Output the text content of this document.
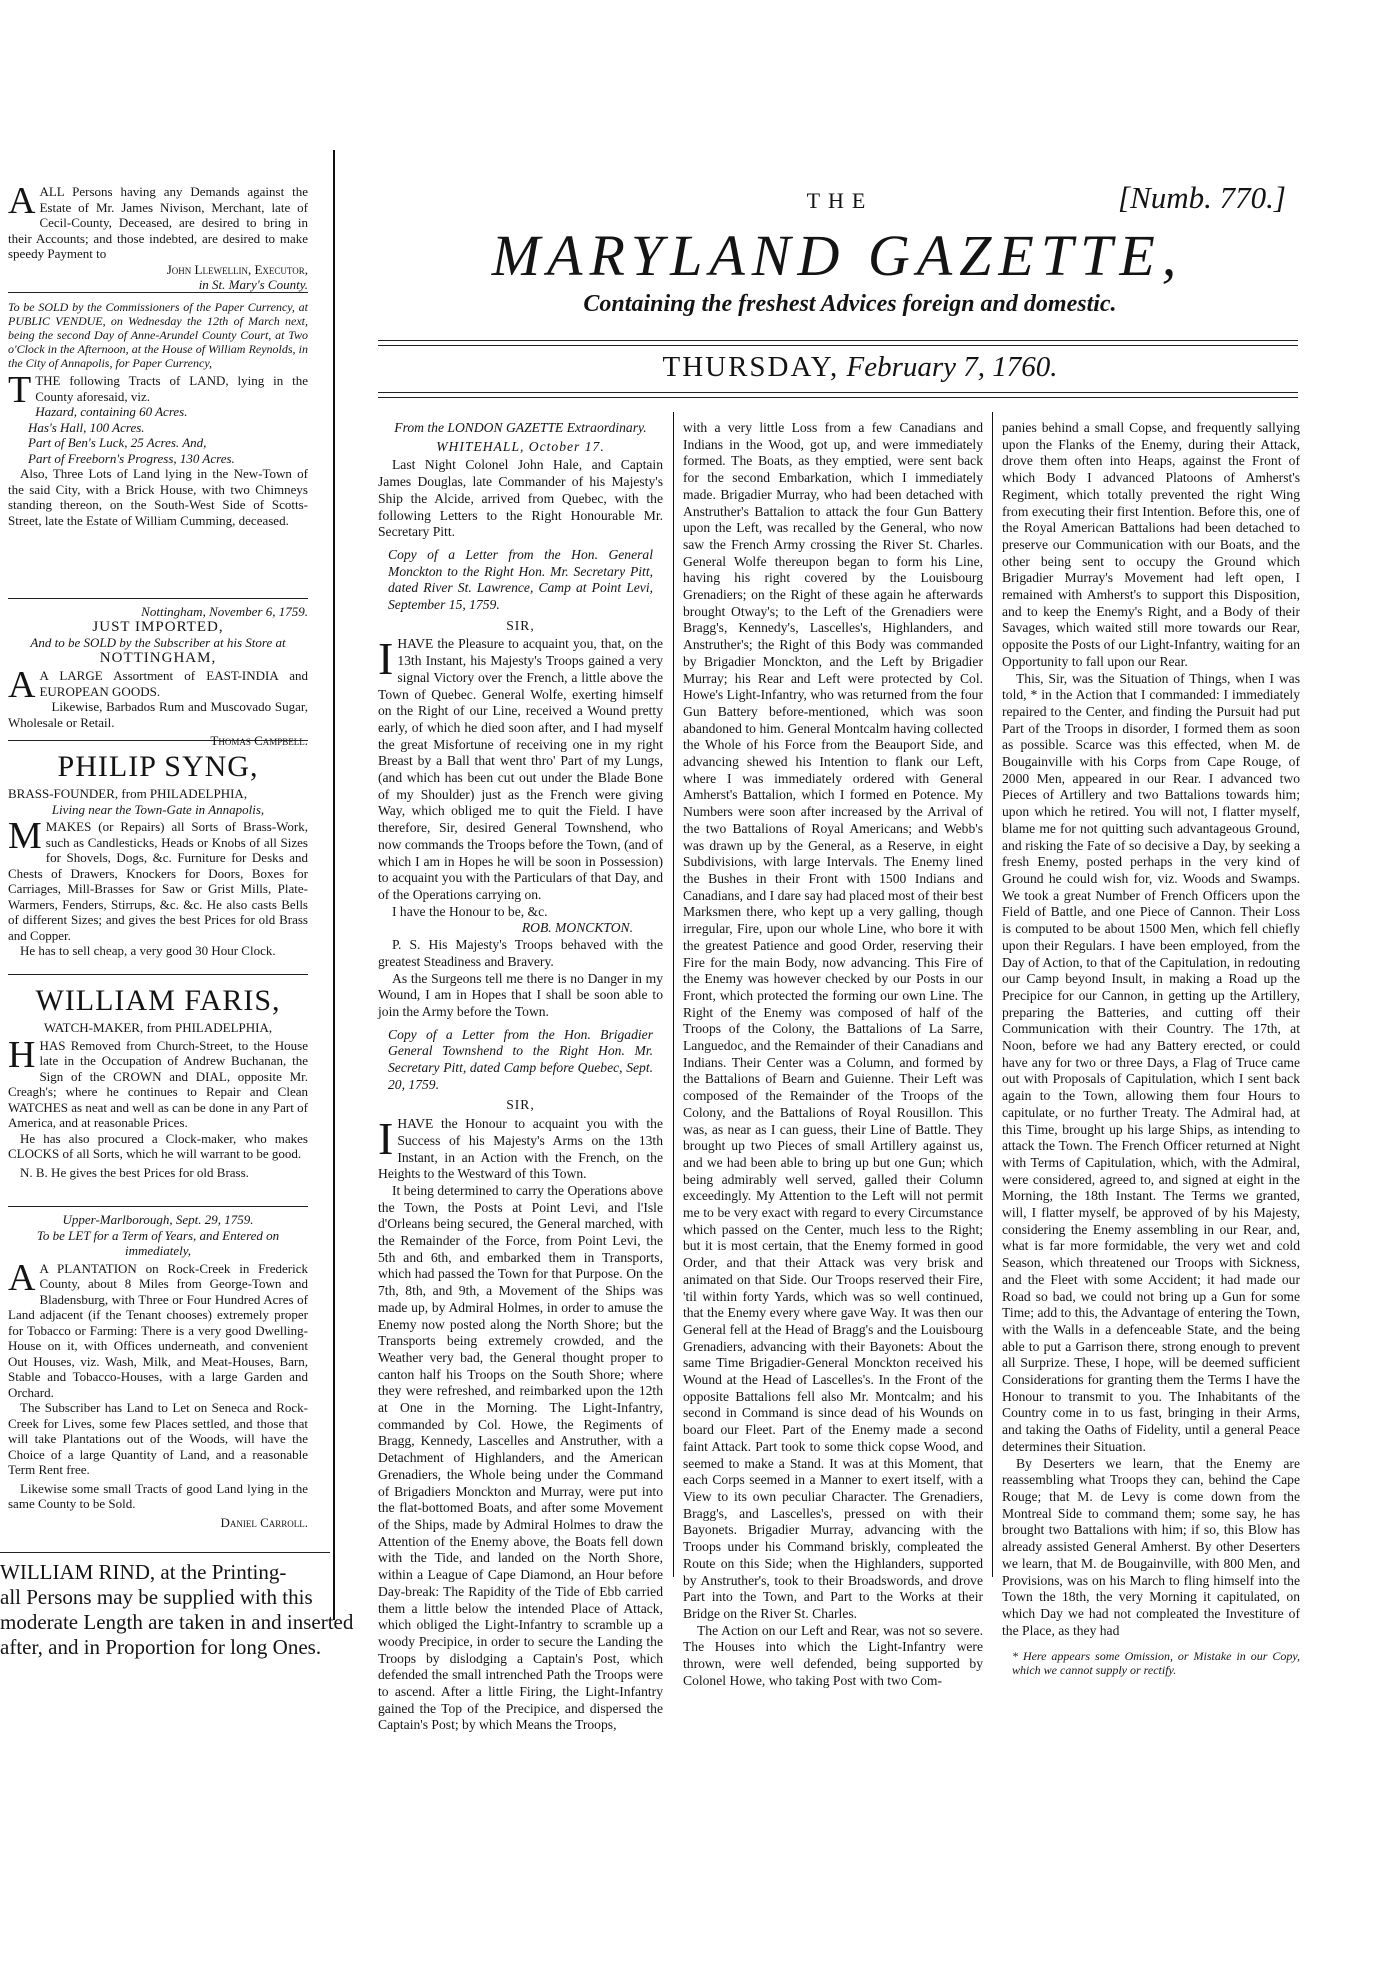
AALL Persons having any Demands against the Estate of Mr. James Nivison, Merchant, late of Cecil-County, Deceased, are desired to bring in their Accounts; and those indebted, are desired to make speedy Payment to
John Llewellin, Executor,
in St. Mary's County.
To be SOLD by the Commissioners of the Paper Currency, at PUBLIC VENDUE, on Wednesday the 12th of March next, being the second Day of Anne-Arundel County Court, at Two o'Clock in the Afternoon, at the House of William Reynolds, in the City of Annapolis, for Paper Currency,
TTHE following Tracts of LAND, lying in the County aforesaid, viz.
Hazard, containing 60 Acres.
Has's Hall, 100 Acres.
Part of Ben's Luck, 25 Acres. And,
Part of Freeborn's Progress, 130 Acres.

Also, Three Lots of Land lying in the New-Town of the said City, with a Brick House, with two Chimneys standing thereon, on the South-West Side of Scotts-Street, late the Estate of William Cumming, deceased.

Nottingham, November 6, 1759.
JUST IMPORTED,
And to be SOLD by the Subscriber at his Store at
NOTTINGHAM,
A A LARGE Assortment of EAST-INDIA and EUROPEAN GOODS.

Likewise, Barbados Rum and Muscovado Sugar, Wholesale or Retail.

Thomas Campbell.
PHILIP SYNG,
BRASS-FOUNDER, from PHILADELPHIA,
Living near the Town-Gate in Annapolis,
MMAKES (or Repairs) all Sorts of Brass-Work, such as Candlesticks, Heads or Knobs of all Sizes for Shovels, Dogs, &c. Furniture for Desks and Chests of Drawers, Knockers for Doors, Boxes for Carriages, Mill-Brasses for Saw or Grist Mills, Plate-Warmers, Fenders, Stirrups, &c. &c. He also casts Bells of different Sizes; and gives the best Prices for old Brass and Copper.

He has to sell cheap, a very good 30 Hour Clock.

WILLIAM FARIS,
WATCH-MAKER, from PHILADELPHIA,
HHAS Removed from Church-Street, to the House late in the Occupation of Andrew Buchanan, the Sign of the CROWN and DIAL, opposite Mr. Creagh's; where he continues to Repair and Clean WATCHES as neat and well as can be done in any Part of America, and at reasonable Prices.

He has also procured a Clock-maker, who makes CLOCKS of all Sorts, which he will warrant to be good.

N. B. He gives the best Prices for old Brass.

Upper-Marlborough, Sept. 29, 1759.
To be LET for a Term of Years, and Entered on immediately,
A A PLANTATION on Rock-Creek in Frederick County, about 8 Miles from George-Town and Bladensburg, with Three or Four Hundred Acres of Land adjacent (if the Tenant chooses) extremely proper for Tobacco or Farming: There is a very good Dwelling-House on it, with Offices underneath, and convenient Out Houses, viz. Wash, Milk, and Meat-Houses, Barn, Stable and Tobacco-Houses, with a large Garden and Orchard.

The Subscriber has Land to Let on Seneca and Rock-Creek for Lives, some few Places settled, and those that will take Plantations out of the Woods, will have the Choice of a large Quantity of Land, and a reasonable Term Rent free.

Likewise some small Tracts of good Land lying in the same County to be Sold.

Daniel Carroll.
WILLIAM RIND, at the Printing-
all Persons may be supplied with this
moderate Length are taken in and inserted
after, and in Proportion for long Ones.
THE	[Numb. 770.]
MARYLAND GAZETTE,
Containing the freshest Advices foreign and domestic.
THURSDAY, February 7, 1760.
From the LONDON GAZETTE Extraordinary.
WHITEHALL, October 17.

Last Night Colonel John Hale, and Captain James Douglas, late Commander of his Majesty's Ship the Alcide, arrived from Quebec, with the following Letters to the Right Honourable Mr. Secretary Pitt.

Copy of a Letter from the Hon. General Monckton to the Right Hon. Mr. Secretary Pitt, dated River St. Lawrence, Camp at Point Levi, September 15, 1759.
SIR,

IHAVE the Pleasure to acquaint you, that, on the 13th Instant, his Majesty's Troops gained a very signal Victory over the French, a little above the Town of Quebec. General Wolfe, exerting himself on the Right of our Line, received a Wound pretty early, of which he died soon after, and I had myself the great Misfortune of receiving one in my right Breast by a Ball that went thro' Part of my Lungs, (and which has been cut out under the Blade Bone of my Shoulder) just as the French were giving Way, which obliged me to quit the Field. I have therefore, Sir, desired General Townshend, who now commands the Troops before the Town, (and of which I am in Hopes he will be soon in Possession) to acquaint you with the Particulars of that Day, and of the Operations carrying on.

I have the Honour to be, &c.

ROB. MONCKTON.

P. S. His Majesty's Troops behaved with the greatest Steadiness and Bravery.

As the Surgeons tell me there is no Danger in my Wound, I am in Hopes that I shall be soon able to join the Army before the Town.

Copy of a Letter from the Hon. Brigadier General Townshend to the Right Hon. Mr. Secretary Pitt, dated Camp before Quebec, Sept. 20, 1759.
SIR,

IHAVE the Honour to acquaint you with the Success of his Majesty's Arms on the 13th Instant, in an Action with the French, on the Heights to the Westward of this Town.

It being determined to carry the Operations above the Town, the Posts at Point Levi, and l'Isle d'Orleans being secured, the General marched, with the Remainder of the Force, from Point Levi, the 5th and 6th, and embarked them in Transports, which had passed the Town for that Purpose. On the 7th, 8th, and 9th, a Movement of the Ships was made up, by Admiral Holmes, in order to amuse the Enemy now posted along the North Shore; but the Transports being extremely crowded, and the Weather very bad, the General thought proper to canton half his Troops on the South Shore; where they were refreshed, and reimbarked upon the 12th at One in the Morning. The Light-Infantry, commanded by Col. Howe, the Regiments of Bragg, Kennedy, Lascelles and Anstruther, with a Detachment of Highlanders, and the American Grenadiers, the Whole being under the Command of Brigadiers Monckton and Murray, were put into the flat-bottomed Boats, and after some Movement of the Ships, made by Admiral Holmes to draw the Attention of the Enemy above, the Boats fell down with the Tide, and landed on the North Shore, within a League of Cape Diamond, an Hour before Day-break: The Rapidity of the Tide of Ebb carried them a little below the intended Place of Attack, which obliged the Light-Infantry to scramble up a woody Precipice, in order to secure the Landing the Troops by dislodging a Captain's Post, which defended the small intrenched Path the Troops were to ascend. After a little Firing, the Light-Infantry gained the Top of the Precipice, and dispersed the Captain's Post; by which Means the Troops,

with a very little Loss from a few Canadians and Indians in the Wood, got up, and were immediately formed. The Boats, as they emptied, were sent back for the second Embarkation, which I immediately made. Brigadier Murray, who had been detached with Anstruther's Battalion to attack the four Gun Battery upon the Left, was recalled by the General, who now saw the French Army crossing the River St. Charles. General Wolfe thereupon began to form his Line, having his right covered by the Louisbourg Grenadiers; on the Right of these again he afterwards brought Otway's; to the Left of the Grenadiers were Bragg's, Kennedy's, Lascelles's, Highlanders, and Anstruther's; the Right of this Body was commanded by Brigadier Monckton, and the Left by Brigadier Murray; his Rear and Left were protected by Col. Howe's Light-Infantry, who was returned from the four Gun Battery before-mentioned, which was soon abandoned to him. General Montcalm having collected the Whole of his Force from the Beauport Side, and advancing shewed his Intention to flank our Left, where I was immediately ordered with General Amherst's Battalion, which I formed en Potence. My Numbers were soon after increased by the Arrival of the two Battalions of Royal Americans; and Webb's was drawn up by the General, as a Reserve, in eight Subdivisions, with large Intervals. The Enemy lined the Bushes in their Front with 1500 Indians and Canadians, and I dare say had placed most of their best Marksmen there, who kept up a very galling, though irregular, Fire, upon our whole Line, who bore it with the greatest Patience and good Order, reserving their Fire for the main Body, now advancing. This Fire of the Enemy was however checked by our Posts in our Front, which protected the forming our own Line. The Right of the Enemy was composed of half of the Troops of the Colony, the Battalions of La Sarre, Languedoc, and the Remainder of their Canadians and Indians. Their Center was a Column, and formed by the Battalions of Bearn and Guienne. Their Left was composed of the Remainder of the Troops of the Colony, and the Battalions of Royal Rousillon. This was, as near as I can guess, their Line of Battle. They brought up two Pieces of small Artillery against us, and we had been able to bring up but one Gun; which being admirably well served, galled their Column exceedingly. My Attention to the Left will not permit me to be very exact with regard to every Circumstance which passed on the Center, much less to the Right; but it is most certain, that the Enemy formed in good Order, and that their Attack was very brisk and animated on that Side. Our Troops reserved their Fire, 'til within forty Yards, which was so well continued, that the Enemy every where gave Way. It was then our General fell at the Head of Bragg's and the Louisbourg Grenadiers, advancing with their Bayonets: About the same Time Brigadier-General Monckton received his Wound at the Head of Lascelles's. In the Front of the opposite Battalions fell also Mr. Montcalm; and his second in Command is since dead of his Wounds on board our Fleet. Part of the Enemy made a second faint Attack. Part took to some thick copse Wood, and seemed to make a Stand. It was at this Moment, that each Corps seemed in a Manner to exert itself, with a View to its own peculiar Character. The Grenadiers, Bragg's, and Lascelles's, pressed on with their Bayonets. Brigadier Murray, advancing with the Troops under his Command briskly, compleated the Route on this Side; when the Highlanders, supported by Anstruther's, took to their Broadswords, and drove Part into the Town, and Part to the Works at their Bridge on the River St. Charles.

The Action on our Left and Rear, was not so severe. The Houses into which the Light-Infantry were thrown, were well defended, being supported by Colonel Howe, who taking Post with two Com-

panies behind a small Copse, and frequently sallying upon the Flanks of the Enemy, during their Attack, drove them often into Heaps, against the Front of which Body I advanced Platoons of Amherst's Regiment, which totally prevented the right Wing from executing their first Intention. Before this, one of the Royal American Battalions had been detached to preserve our Communication with our Boats, and the other being sent to occupy the Ground which Brigadier Murray's Movement had left open, I remained with Amherst's to support this Disposition, and to keep the Enemy's Right, and a Body of their Savages, which waited still more towards our Rear, opposite the Posts of our Light-Infantry, waiting for an Opportunity to fall upon our Rear.

This, Sir, was the Situation of Things, when I was told, * in the Action that I commanded: I immediately repaired to the Center, and finding the Pursuit had put Part of the Troops in disorder, I formed them as soon as possible. Scarce was this effected, when M. de Bougainville with his Corps from Cape Rouge, of 2000 Men, appeared in our Rear. I advanced two Pieces of Artillery and two Battalions towards him; upon which he retired. You will not, I flatter myself, blame me for not quitting such advantageous Ground, and risking the Fate of so decisive a Day, by seeking a fresh Enemy, posted perhaps in the very kind of Ground he could wish for, viz. Woods and Swamps. We took a great Number of French Officers upon the Field of Battle, and one Piece of Cannon. Their Loss is computed to be about 1500 Men, which fell chiefly upon their Regulars. I have been employed, from the Day of Action, to that of the Capitulation, in redouting our Camp beyond Insult, in making a Road up the Precipice for our Cannon, in getting up the Artillery, preparing the Batteries, and cutting off their Communication with their Country. The 17th, at Noon, before we had any Battery erected, or could have any for two or three Days, a Flag of Truce came out with Proposals of Capitulation, which I sent back again to the Town, allowing them four Hours to capitulate, or no further Treaty. The Admiral had, at this Time, brought up his large Ships, as intending to attack the Town. The French Officer returned at Night with Terms of Capitulation, which, with the Admiral, were considered, agreed to, and signed at eight in the Morning, the 18th Instant. The Terms we granted, will, I flatter myself, be approved of by his Majesty, considering the Enemy assembling in our Rear, and, what is far more formidable, the very wet and cold Season, which threatened our Troops with Sickness, and the Fleet with some Accident; it had made our Road so bad, we could not bring up a Gun for some Time; add to this, the Advantage of entering the Town, with the Walls in a defenceable State, and the being able to put a Garrison there, strong enough to prevent all Surprize. These, I hope, will be deemed sufficient Considerations for granting them the Terms I have the Honour to transmit to you. The Inhabitants of the Country come in to us fast, bringing in their Arms, and taking the Oaths of Fidelity, until a general Peace determines their Situation.

By Deserters we learn, that the Enemy are reassembling what Troops they can, behind the Cape Rouge; that M. de Levy is come down from the Montreal Side to command them; some say, he has brought two Battalions with him; if so, this Blow has already assisted General Amherst. By other Deserters we learn, that M. de Bougainville, with 800 Men, and Provisions, was on his March to fling himself into the Town the 18th, the very Morning it capitulated, on which Day we had not compleated the Investiture of the Place, as they had

* Here appears some Omission, or Mistake in our Copy, which we cannot supply or rectify.
